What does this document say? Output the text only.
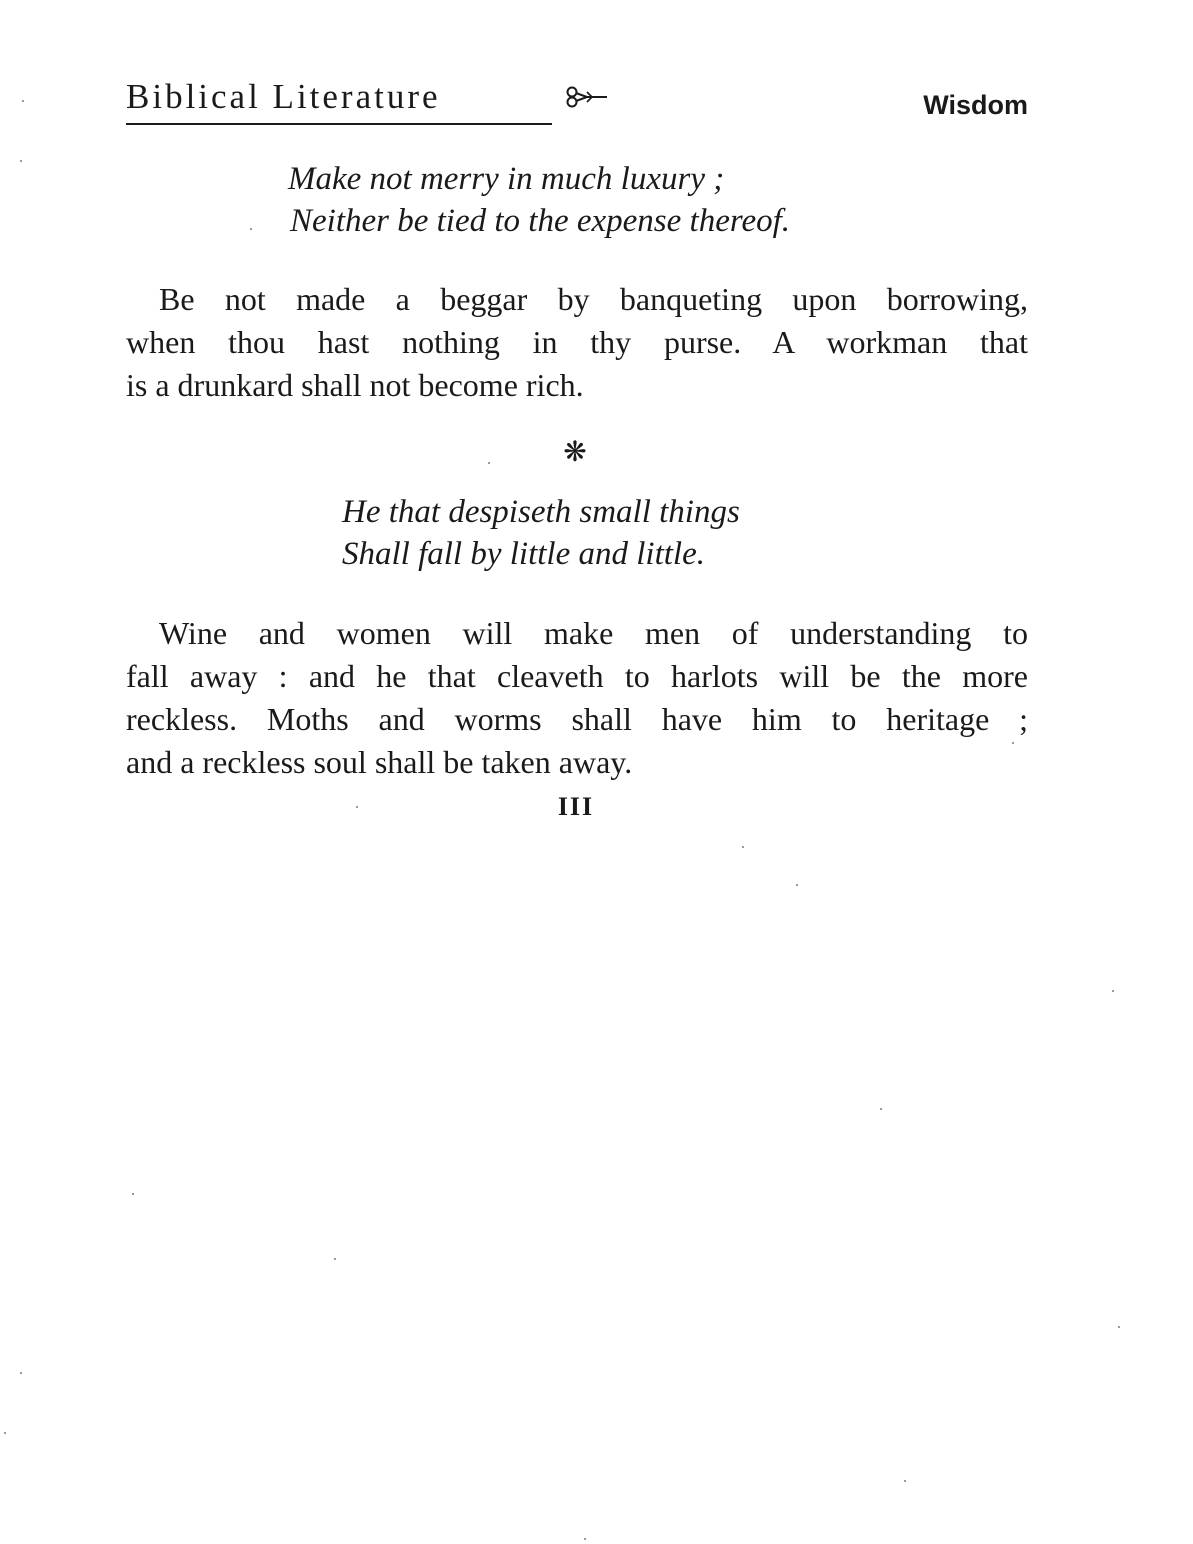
Biblical Literature	Wisdom
Make not merry in much luxury ;
Neither be tied to the expense thereof.
Be not made a beggar by banqueting upon borrowing,
when thou hast nothing in thy purse. A workman that
is a drunkard shall not become rich.
❋
He that despiseth small things
Shall fall by little and little.
Wine and women will make men of understanding to
fall away : and he that cleaveth to harlots will be the more
reckless. Moths and worms shall have him to heritage ;
and a reckless soul shall be taken away.
III
